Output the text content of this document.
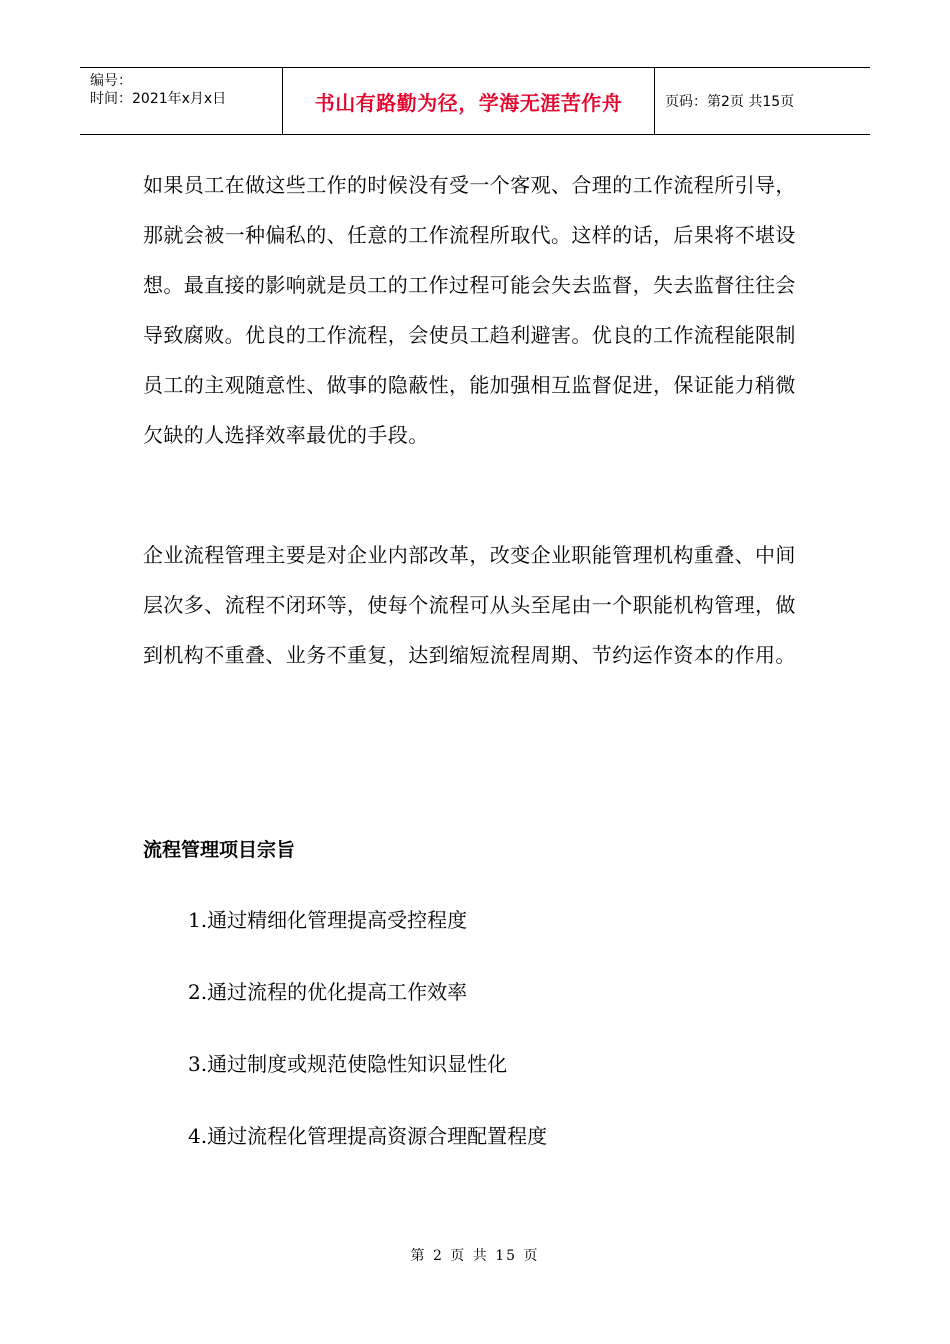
编号：
时间：2021年x月x日	书山有路勤为径，学海无涯苦作舟	页码：第2页 共15页

如果员工在做这些工作的时候没有受一个客观、合理的工作流程所引导，那就会被一种偏私的、任意的工作流程所取代。这样的话，后果将不堪设想。最直接的影响就是员工的工作过程可能会失去监督，失去监督往往会导致腐败。优良的工作流程，会使员工趋利避害。优良的工作流程能限制员工的主观随意性、做事的隐蔽性，能加强相互监督促进，保证能力稍微欠缺的人选择效率最优的手段。

企业流程管理主要是对企业内部改革，改变企业职能管理机构重叠、中间层次多、流程不闭环等，使每个流程可从头至尾由一个职能机构管理，做到机构不重叠、业务不重复，达到缩短流程周期、节约运作资本的作用。

流程管理项目宗旨

1.通过精细化管理提高受控程度

2.通过流程的优化提高工作效率

3.通过制度或规范使隐性知识显性化

4.通过流程化管理提高资源合理配置程度

第 2 页 共 15 页
